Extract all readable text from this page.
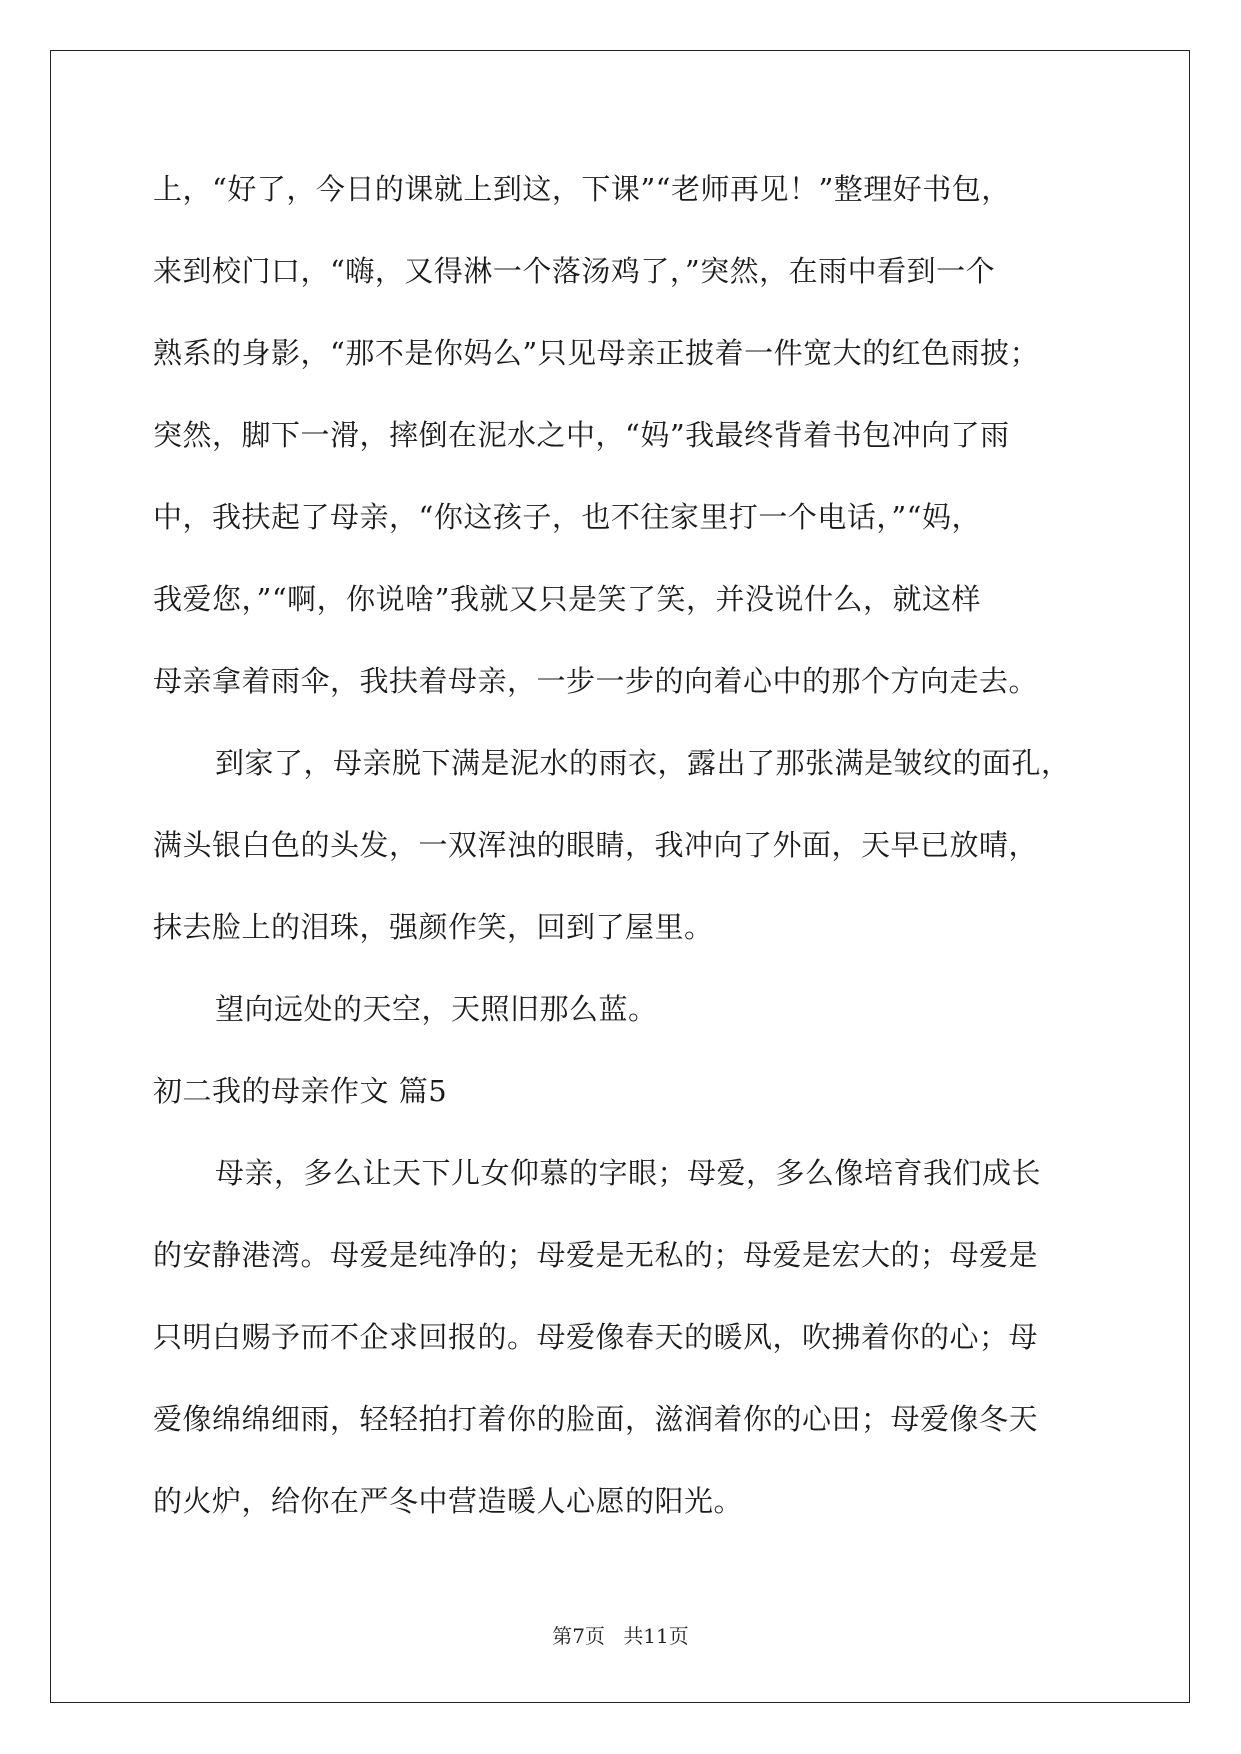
上，“好了，今日的课就上到这，下课”“老师再见！”整理好书包，
来到校门口，“嗨，又得淋一个落汤鸡了，”突然，在雨中看到一个
熟系的身影，“那不是你妈么”只见母亲正披着一件宽大的红色雨披；
突然，脚下一滑，摔倒在泥水之中，“妈”我最终背着书包冲向了雨
中，我扶起了母亲，“你这孩子，也不往家里打一个电话，”“妈，
我爱您，”“啊，你说啥”我就又只是笑了笑，并没说什么，就这样
母亲拿着雨伞，我扶着母亲，一步一步的向着心中的那个方向走去。
到家了，母亲脱下满是泥水的雨衣，露出了那张满是皱纹的面孔，
满头银白色的头发，一双浑浊的眼睛，我冲向了外面，天早已放晴，
抹去脸上的泪珠，强颜作笑，回到了屋里。
望向远处的天空，天照旧那么蓝。
初二我的母亲作文 篇5
母亲，多么让天下儿女仰慕的字眼；母爱，多么像培育我们成长
的安静港湾。母爱是纯净的；母爱是无私的；母爱是宏大的；母爱是
只明白赐予而不企求回报的。母爱像春天的暖风，吹拂着你的心；母
爱像绵绵细雨，轻轻拍打着你的脸面，滋润着你的心田；母爱像冬天
的火炉，给你在严冬中营造暖人心愿的阳光。
第7页 共11页
